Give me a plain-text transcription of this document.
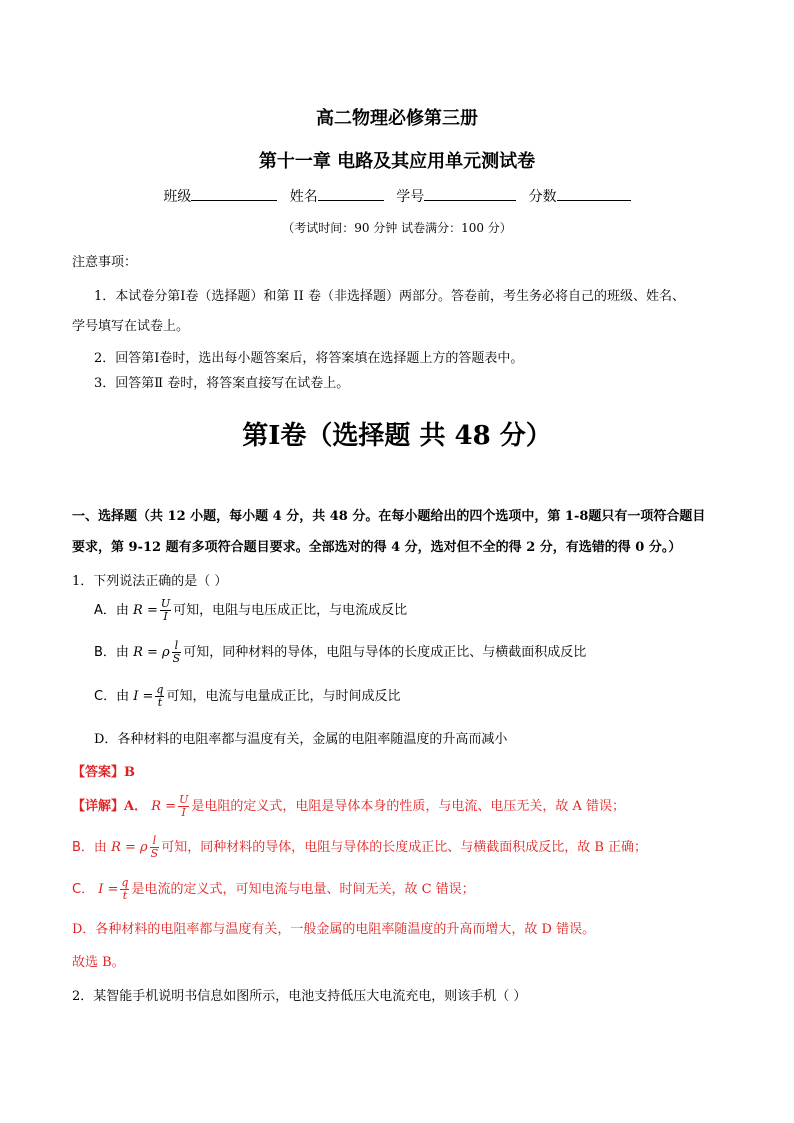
高二物理必修第三册
第十一章 电路及其应用单元测试卷
班级	姓名	学号	分数
（考试时间：90 分钟 试卷满分：100 分）
注意事项：
1．本试卷分第Ⅰ卷（选择题）和第 II 卷（非选择题）两部分。答卷前，考生务必将自己的班级、姓名、
学号填写在试卷上。
2．回答第Ⅰ卷时，选出每小题答案后，将答案填在选择题上方的答题表中。
3．回答第Ⅱ 卷时，将答案直接写在试卷上。
第Ⅰ卷（选择题 共 48 分）
一、选择题（共 12 小题，每小题 4 分，共 48 分。在每小题给出的四个选项中，第 1-8题只有一项符合题目
要求，第 9-12 题有多项符合题目要求。全部选对的得 4 分，选对但不全的得 2 分，有选错的得 0 分。）
1．下列说法正确的是（ ）
A．由 $R = \frac{U}{I}$ 可知，电阻与电压成正比，与电流成反比
B．由 R = ρ $\frac{l}{S}$ 可知，同种材料的导体，电阻与导体的长度成正比、与横截面积成反比
C．由 $I = \frac{q}{t}$ 可知，电流与电量成正比，与时间成反比
D．各种材料的电阻率都与温度有关，金属的电阻率随温度的升高而减小
【答案】B
【详解】A． $R = \frac{U}{I}$ 是电阻的定义式，电阻是导体本身的性质，与电流、电压无关，故 A 错误；
B．由 R = ρ $\frac{l}{S}$ 可知，同种材料的导体，电阻与导体的长度成正比、与横截面积成反比，故 B 正确；
C． $I = \frac{q}{t}$ 是电流的定义式，可知电流与电量、时间无关，故 C 错误；
D．各种材料的电阻率都与温度有关，一般金属的电阻率随温度的升高而增大，故 D 错误。
故选 B。
2．某智能手机说明书信息如图所示，电池支持低压大电流充电，则该手机（ ）
